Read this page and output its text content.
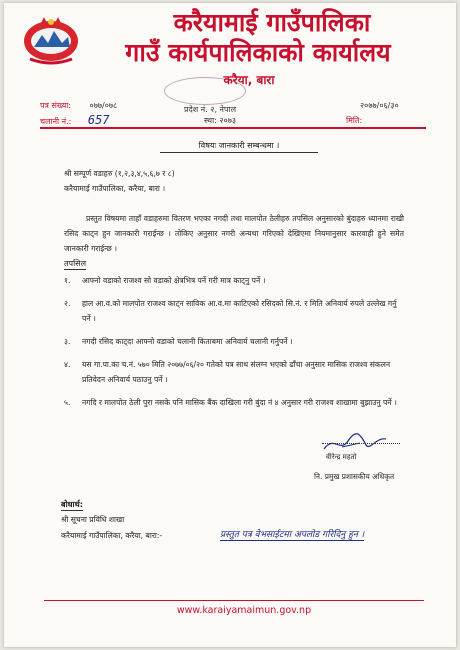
करैयामाई गाउँपालिका
गाउँ कार्यपालिकाको कार्यालय
करैया, बारा
पत्र संख्या: ०७७/०७८
चलानी नं.: 657
प्रदेश नं. २, नेपाल
स्था: २०७३
२०७७/०६/३०
मिति:
विषयः जानकारी सम्बन्धमा ।
श्री सम्पूर्ण वडाहरु (१,२,३,४,५,६,७ र ८)
करैयामाई गाउँपालिका, करैया, बारा ।
प्रस्तुत विषयमा ताहाँ वडाहरुमा वितरण भएका नगदी तथा मालपोत ठेलीहरु तपसिल अनुसारको बुंदाहरु ध्यानमा राखी रसिद काट्न हुन जानकारी गराईन्छ । तोकिए अनुसार नगरी अन्यथा गरिएको देखिएमा नियमानुसार कारवाही हुने समेत जानकारी गराईन्छ ।
तपसिल
१. आफ्नो वडाको राजश्व सो वडाको क्षेत्रभित्र पर्ने गरी मात्र काट्नु पर्ने ।
२. हाल आ.व.को मालपोत राजश्व काट्न साविक आ.व.मा काटिएको रसिदको सि.नं. र मिति अनिवार्य रुपले उल्लेख गर्नु पर्ने ।
३. नगदी रसिद काट्दा आफ्नो वडाको चलानी किताबमा अनिवार्य चलानी गर्नुपर्ने ।
४. यस गा.पा.का च.नं. ५७० मिति २०७७/०६/२० गतेको पत्र साथ संलग्न भएको ढाँचा अनुसार मासिक राजश्व संकलन प्रतिवेदन अनिवार्य पठाउनु पर्ने ।
५. नगदि र मालपोत ठेली पुरा नसके पनि मासिक बैंक दाखिला गरी बुंदा नं ४ अनुसार गरी राजश्व शाखामा बुझाउनु पर्ने ।
वीरेन्द्र महतो
नि. प्रमुख प्रशासकीय अधिकृत
बोधार्थ:
श्री सूचना प्रविधि शाखा
करैयामाई गाउँपालिका, करैया, बारा:-	प्रस्तुत पत्र वेभसाईटमा अपलोड गरिदिनु हुन ।
www.karaiyamaimun.gov.np
